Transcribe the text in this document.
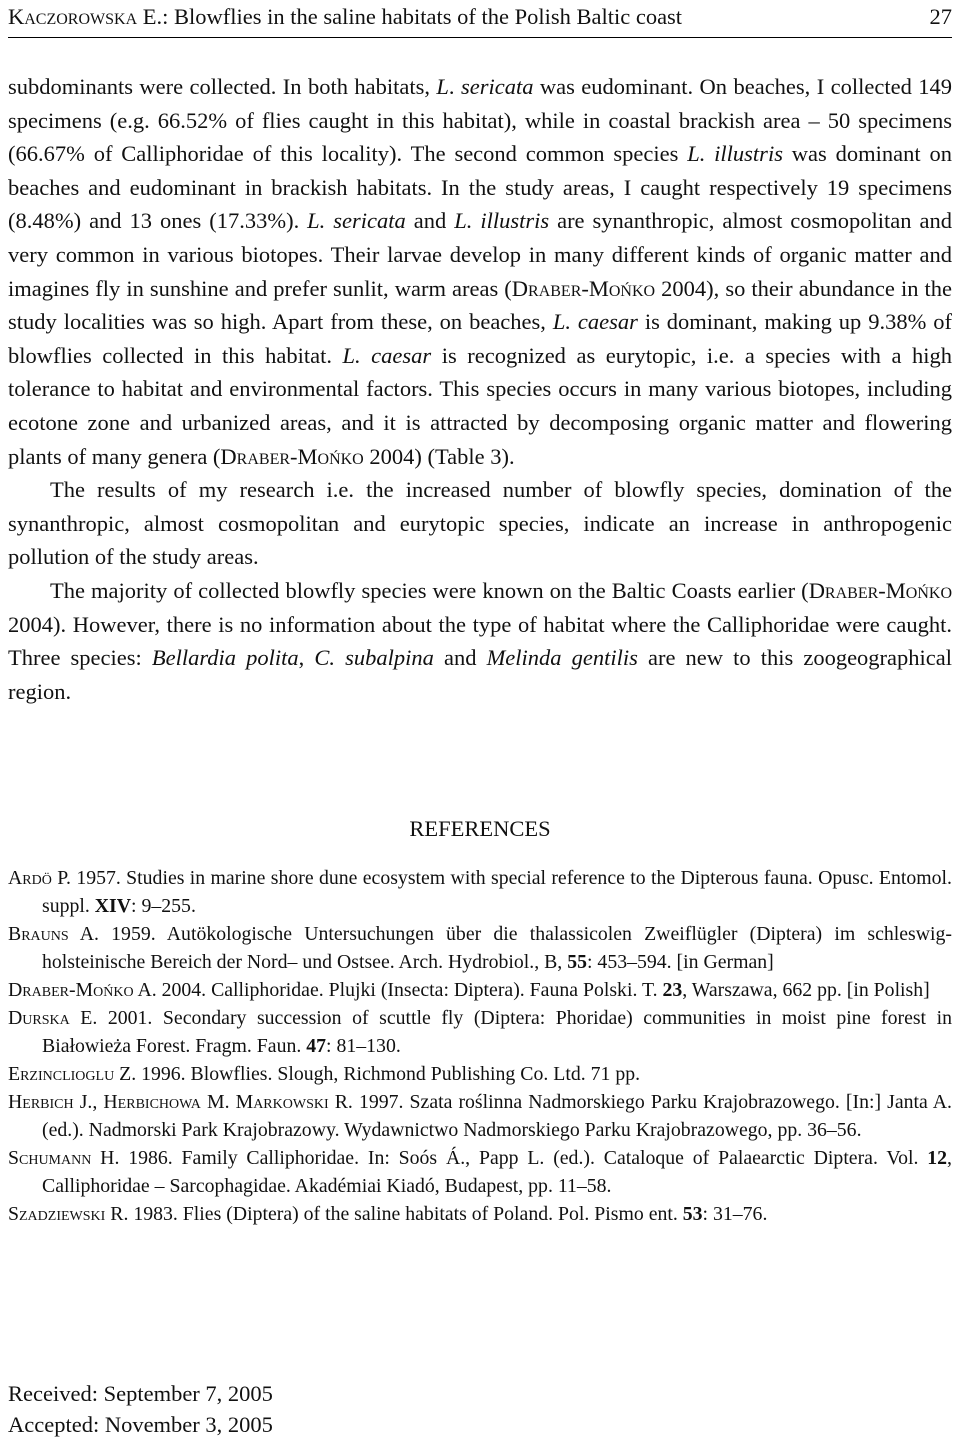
Kaczorowska E.: Blowflies in the saline habitats of the Polish Baltic coast	27

subdominants were collected. In both habitats, L. sericata was eudominant. On beaches, I collected 149 specimens (e.g. 66.52% of flies caught in this habitat), while in coastal brackish area – 50 specimens (66.67% of Calliphoridae of this locality). The second common species L. illustris was dominant on beaches and eudominant in brackish habitats. In the study areas, I caught respectively 19 specimens (8.48%) and 13 ones (17.33%). L. sericata and L. illustris are synanthropic, almost cosmopolitan and very common in various biotopes. Their larvae develop in many different kinds of organic matter and imagines fly in sunshine and prefer sunlit, warm areas (Draber-Mońko 2004), so their abundance in the study localities was so high. Apart from these, on beaches, L. caesar is dominant, making up 9.38% of blowflies collected in this habitat. L. caesar is recognized as eurytopic, i.e. a species with a high tolerance to habitat and environmental factors. This species occurs in many various biotopes, including ecotone zone and urbanized areas, and it is attracted by decomposing organic matter and flowering plants of many genera (Draber-Mońko 2004) (Table 3).

The results of my research i.e. the increased number of blowfly species, domination of the synanthropic, almost cosmopolitan and eurytopic species, indicate an increase in anthropogenic pollution of the study areas.

The majority of collected blowfly species were known on the Baltic Coasts earlier (Draber-Mońko 2004). However, there is no information about the type of habitat where the Calliphoridae were caught. Three species: Bellardia polita, C. subalpina and Melinda gentilis are new to this zoogeographical region.

REFERENCES

Ardö P. 1957. Studies in marine shore dune ecosystem with special reference to the Dipterous fauna. Opusc. Entomol. suppl. XIV: 9–255.

Brauns A. 1959. Autökologische Untersuchungen über die thalassicolen Zweiflügler (Diptera) im schleswig-holsteinische Bereich der Nord– und Ostsee. Arch. Hydrobiol., B, 55: 453–594. [in German]

Draber-Mońko A. 2004. Calliphoridae. Plujki (Insecta: Diptera). Fauna Polski. T. 23, Warszawa, 662 pp. [in Polish]

Durska E. 2001. Secondary succession of scuttle fly (Diptera: Phoridae) communities in moist pine forest in Białowieża Forest. Fragm. Faun. 47: 81–130.

Erzinclioglu Z. 1996. Blowflies. Slough, Richmond Publishing Co. Ltd. 71 pp.

Herbich J., Herbichowa M. Markowski R. 1997. Szata roślinna Nadmorskiego Parku Krajobrazowego. [In:] Janta A. (ed.). Nadmorski Park Krajobrazowy. Wydawnictwo Nadmorskiego Parku Krajobrazowego, pp. 36–56.

Schumann H. 1986. Family Calliphoridae. In: Soós Á., Papp L. (ed.). Cataloque of Palaearctic Diptera. Vol. 12, Calliphoridae – Sarcophagidae. Akadémiai Kiadó, Budapest, pp. 11–58.

Szadziewski R. 1983. Flies (Diptera) of the saline habitats of Poland. Pol. Pismo ent. 53: 31–76.

Received: September 7, 2005
Accepted: November 3, 2005
